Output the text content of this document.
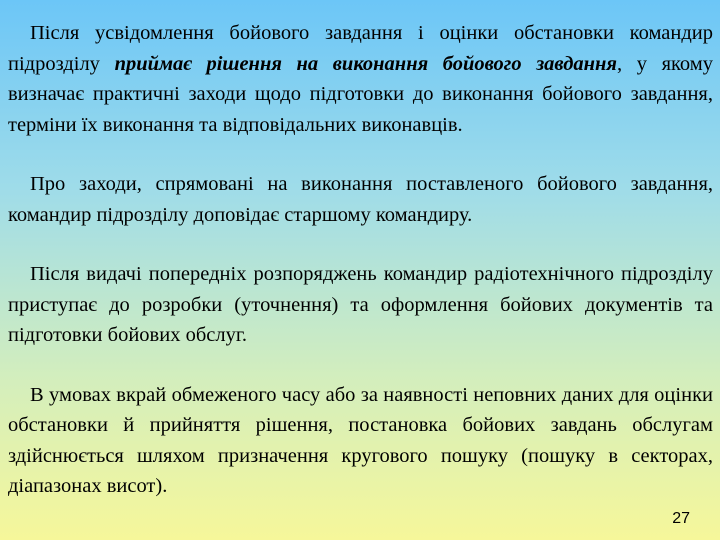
Після усвідомлення бойового завдання і оцінки обстановки командир підрозділу приймає рішення на виконання бойового завдання, у якому визначає практичні заходи щодо підготовки до виконання бойового завдання, терміни їх виконання та відповідальних виконавців.

Про заходи, спрямовані на виконання поставленого бойового завдання, командир підрозділу доповідає старшому командиру.

Після видачі попередніх розпоряджень командир радіотехнічного підрозділу приступає до розробки (уточнення) та оформлення бойових документів та підготовки бойових обслуг.

В умовах вкрай обмеженого часу або за наявності неповних даних для оцінки обстановки й прийняття рішення, постановка бойових завдань обслугам здійснюється шляхом призначення кругового пошуку (пошуку в секторах, діапазонах висот).

27
